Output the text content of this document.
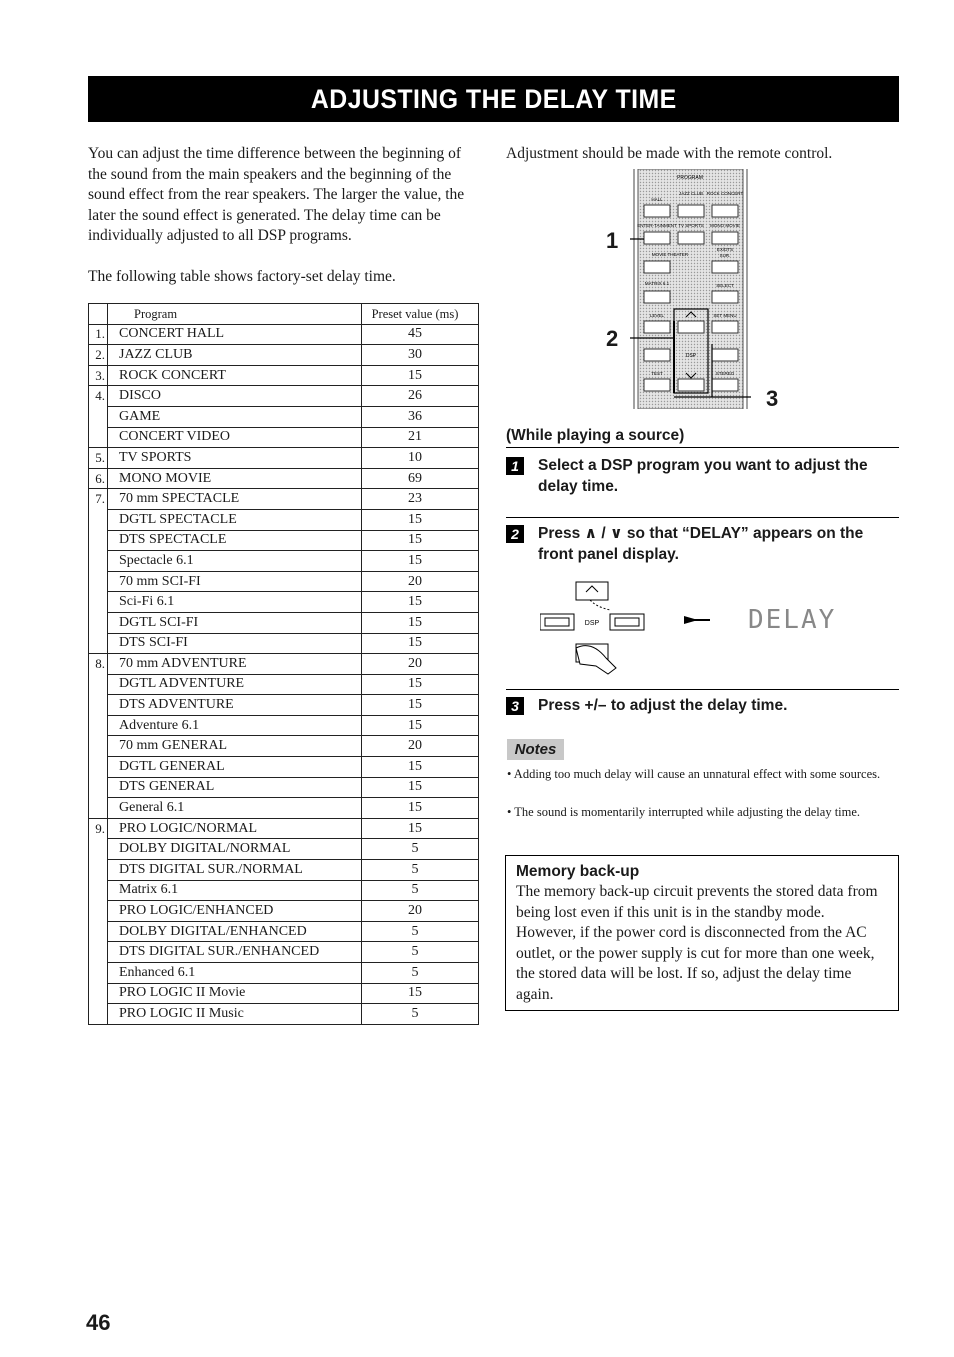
ADJUSTING THE DELAY TIME

You can adjust the time difference between the beginning of the sound from the main speakers and the beginning of the sound effect from the rear speakers. The larger the value, the later the sound effect is generated. The delay time can be individually adjusted to all DSP programs.

The following table shows factory-set delay time.

	Program	Preset value (ms)
1.	CONCERT HALL	45
2.	JAZZ CLUB	30
3.	ROCK CONCERT	15
4.	DISCO	26
	GAME	36
	CONCERT VIDEO	21
5.	TV SPORTS	10
6.	MONO MOVIE	69
7.	70 mm SPECTACLE	23
	DGTL SPECTACLE	15
	DTS SPECTACLE	15
	Spectacle 6.1	15
	70 mm SCI-FI	20
	Sci-Fi 6.1	15
	DGTL SCI-FI	15
	DTS SCI-FI	15
8.	70 mm ADVENTURE	20
	DGTL ADVENTURE	15
	DTS ADVENTURE	15
	Adventure 6.1	15
	70 mm GENERAL	20
	DGTL GENERAL	15
	DTS GENERAL	15
	General 6.1	15
9.	PRO LOGIC/NORMAL	15
	DOLBY DIGITAL/NORMAL	5
	DTS DIGITAL SUR./NORMAL	5
	Matrix 6.1	5
	PRO LOGIC/ENHANCED	20
	DOLBY DIGITAL/ENHANCED	5
	DTS DIGITAL SUR./ENHANCED	5
	Enhanced 6.1	5
	PRO LOGIC II Movie	15
	PRO LOGIC II Music	5

Adjustment should be made with the remote control.

PROGRAM
JAZZ CLUB ROCK CONCERT
HALL
ENTER-TAINMENT TV SPORTS MONO MOVIE
MOVIE THEATER
EX/DTS
SUR.
MATRIX 6.1	SELECT
LEVEL	SET MENU
DSP
TEST	STEREO
1
2
3
(While playing a source)
1	Select a DSP program you want to adjust the delay time.
2	Press ∧ / ∨ so that “DELAY” appears on the front panel display.
DSP	DELAY
3	Press +/– to adjust the delay time.
Notes

• Adding too much delay will cause an unnatural effect with some sources.

• The sound is momentarily interrupted while adjusting the delay time.

Memory back-up
The memory back-up circuit prevents the stored data from being lost even if this unit is in the standby mode. However, if the power cord is disconnected from the AC outlet, or the power supply is cut for more than one week, the stored data will be lost. If so, adjust the delay time again.
46
